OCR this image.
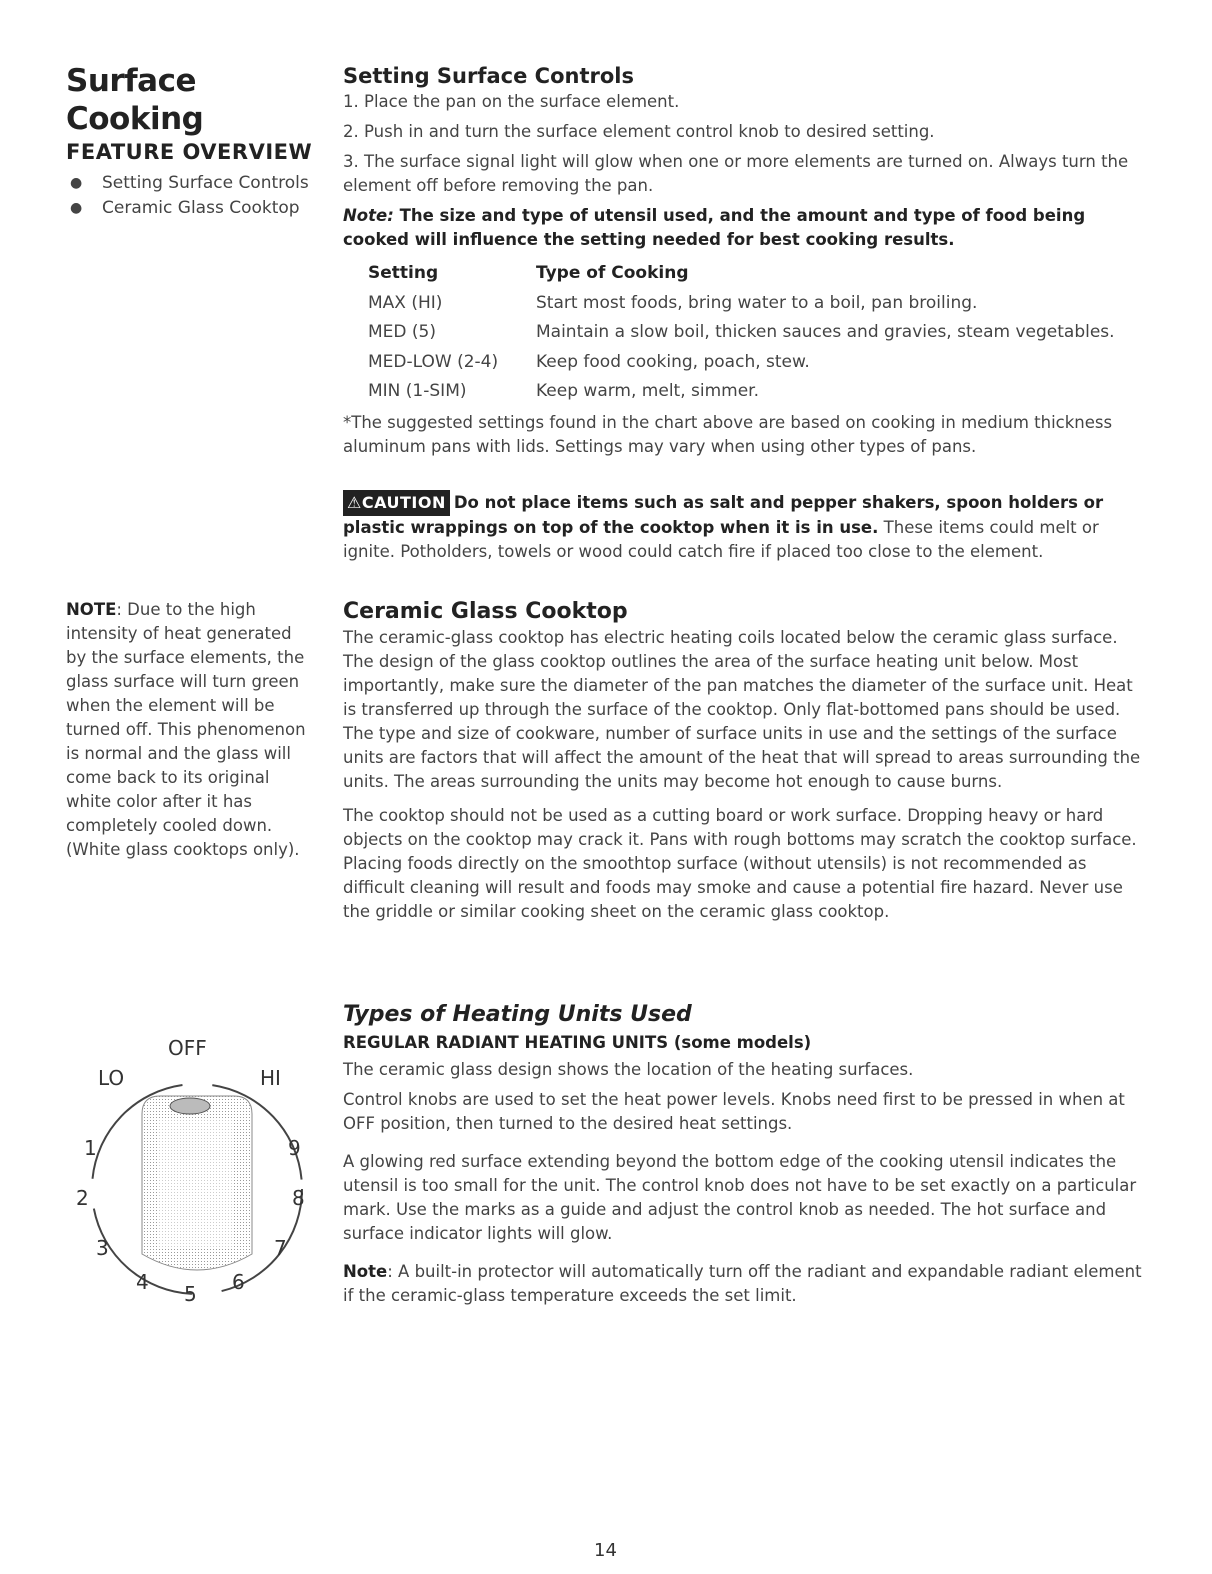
Surface
Cooking
FEATURE OVERVIEW
● Setting Surface Controls
● Ceramic Glass Cooktop
NOTE: Due to the high intensity of heat generated by the surface elements, the glass surface will turn green when the element will be turned off. This phenomenon is normal and the glass will come back to its original white color after it has completely cooled down. (White glass cooktops only).
Setting Surface Controls
1. Place the pan on the surface element.
2. Push in and turn the surface element control knob to desired setting.
3. The surface signal light will glow when one or more elements are turned on. Always turn the element off before removing the pan.
Note: The size and type of utensil used, and the amount and type of food being cooked will influence the setting needed for best cooking results.
Setting	Type of Cooking
MAX (HI)	Start most foods, bring water to a boil, pan broiling.
MED (5)	Maintain a slow boil, thicken sauces and gravies, steam vegetables.
MED-LOW (2-4)	Keep food cooking, poach, stew.
MIN (1-SIM)	Keep warm, melt, simmer.
*The suggested settings found in the chart above are based on cooking in medium thickness aluminum pans with lids. Settings may vary when using other types of pans.
⚠CAUTION Do not place items such as salt and pepper shakers, spoon holders or plastic wrappings on top of the cooktop when it is in use. These items could melt or ignite. Potholders, towels or wood could catch fire if placed too close to the element.
Ceramic Glass Cooktop
The ceramic-glass cooktop has electric heating coils located below the ceramic glass surface. The design of the glass cooktop outlines the area of the surface heating unit below. Most importantly, make sure the diameter of the pan matches the diameter of the surface unit. Heat is transferred up through the surface of the cooktop. Only flat-bottomed pans should be used. The type and size of cookware, number of surface units in use and the settings of the surface units are factors that will affect the amount of the heat that will spread to areas surrounding the units. The areas surrounding the units may become hot enough to cause burns.
The cooktop should not be used as a cutting board or work surface. Dropping heavy or hard objects on the cooktop may crack it. Pans with rough bottoms may scratch the cooktop surface. Placing foods directly on the smoothtop surface (without utensils) is not recommended as difficult cleaning will result and foods may smoke and cause a potential fire hazard. Never use the griddle or similar cooking sheet on the ceramic glass cooktop.
Types of Heating Units Used
REGULAR RADIANT HEATING UNITS (some models)
The ceramic glass design shows the location of the heating surfaces.
Control knobs are used to set the heat power levels. Knobs need first to be pressed in when at OFF position, then turned to the desired heat settings.
A glowing red surface extending beyond the bottom edge of the cooking utensil indicates the utensil is too small for the unit. The control knob does not have to be set exactly on a particular mark. Use the marks as a guide and adjust the control knob as needed. The hot surface and surface indicator lights will glow.
Note: A built-in protector will automatically turn off the radiant and expandable radiant element if the ceramic-glass temperature exceeds the set limit.
OFF
LO	HI
1
2
3
4 5 6
7
8
9
14
